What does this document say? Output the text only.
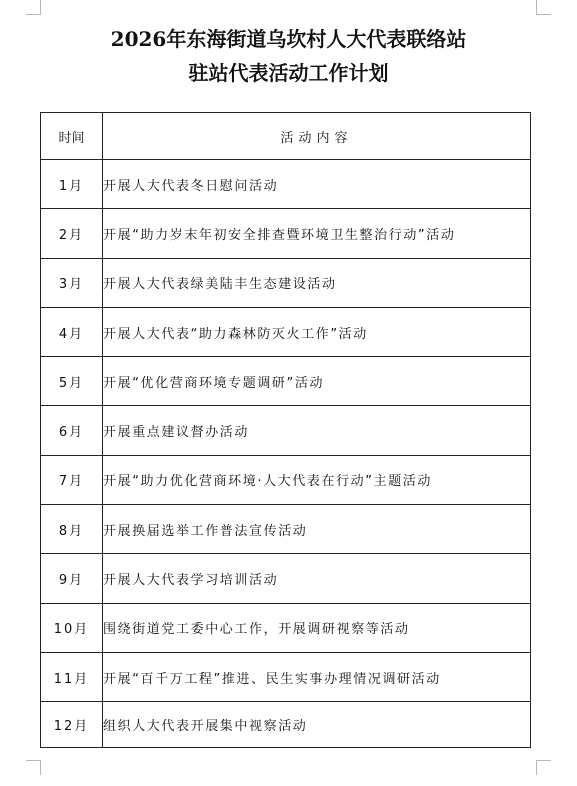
2026年东海街道乌坎村人大代表联络站
驻站代表活动工作计划
时间	活动内容
1月	开展人大代表冬日慰问活动
2月	开展“助力岁末年初安全排查暨环境卫生整治行动”活动
3月	开展人大代表绿美陆丰生态建设活动
4月	开展人大代表“助力森林防灭火工作”活动
5月	开展“优化营商环境专题调研”活动
6月	开展重点建议督办活动
7月	开展“助力优化营商环境·人大代表在行动”主题活动
8月	开展换届选举工作普法宣传活动
9月	开展人大代表学习培训活动
10月	围绕街道党工委中心工作，开展调研视察等活动
11月	开展“百千万工程”推进、民生实事办理情况调研活动
12月	组织人大代表开展集中视察活动
